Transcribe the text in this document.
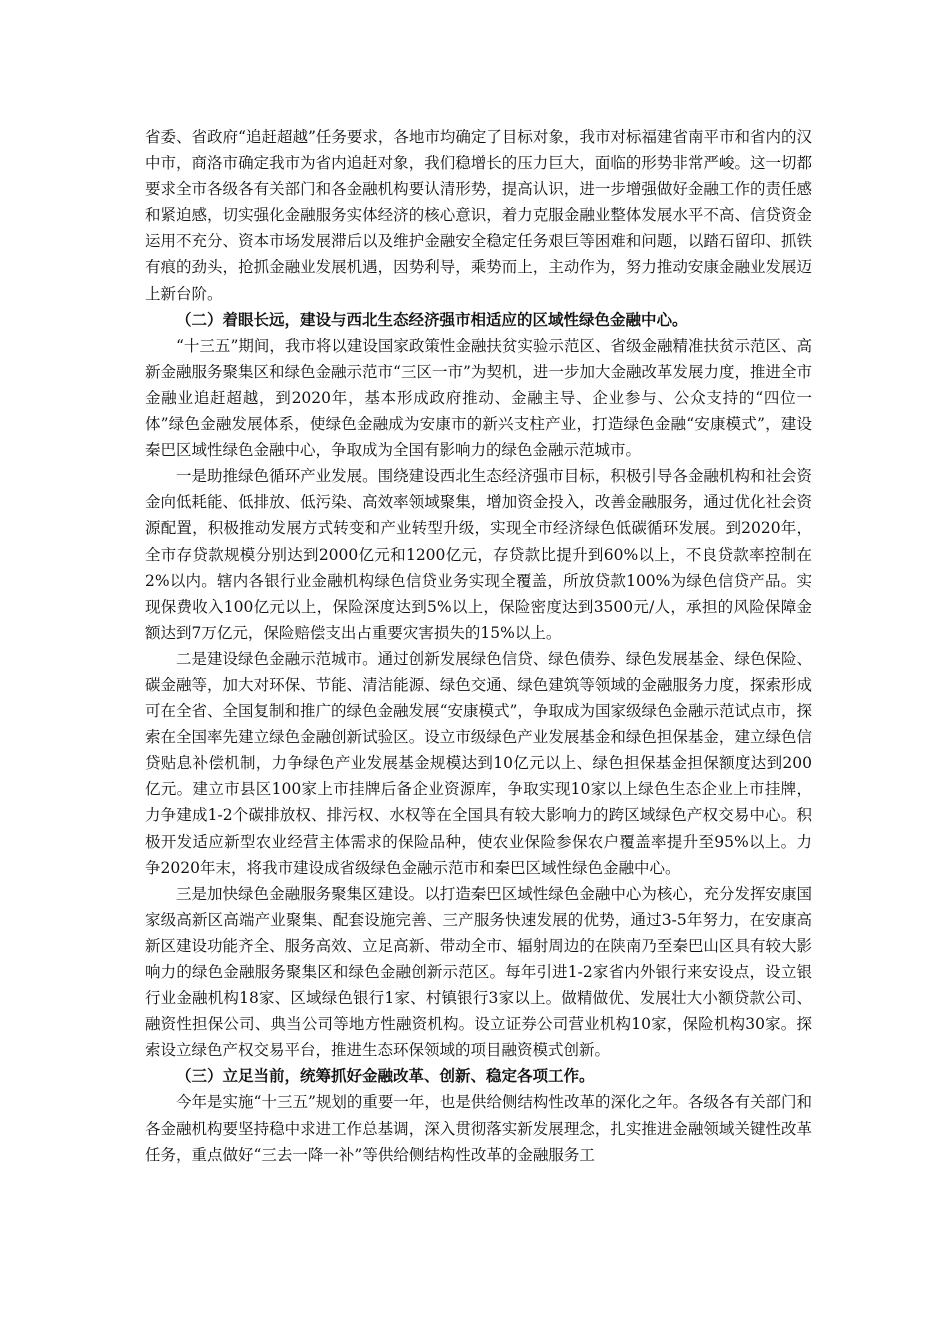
省委、省政府“追赶超越”任务要求，各地市均确定了目标对象，我市对标福建省南平市和省内的汉中市，商洛市确定我市为省内追赶对象，我们稳增长的压力巨大，面临的形势非常严峻。这一切都要求全市各级各有关部门和各金融机构要认清形势，提高认识，进一步增强做好金融工作的责任感和紧迫感，切实强化金融服务实体经济的核心意识，着力克服金融业整体发展水平不高、信贷资金运用不充分、资本市场发展滞后以及维护金融安全稳定任务艰巨等困难和问题，以踏石留印、抓铁有痕的劲头，抢抓金融业发展机遇，因势利导，乘势而上，主动作为，努力推动安康金融业发展迈上新台阶。

（二）着眼长远，建设与西北生态经济强市相适应的区域性绿色金融中心。

“十三五”期间，我市将以建设国家政策性金融扶贫实验示范区、省级金融精准扶贫示范区、高新金融服务聚集区和绿色金融示范市“三区一市”为契机，进一步加大金融改革发展力度，推进全市金融业追赶超越，到2020年，基本形成政府推动、金融主导、企业参与、公众支持的“四位一体”绿色金融发展体系，使绿色金融成为安康市的新兴支柱产业，打造绿色金融“安康模式”，建设秦巴区域性绿色金融中心，争取成为全国有影响力的绿色金融示范城市。

一是助推绿色循环产业发展。围绕建设西北生态经济强市目标，积极引导各金融机构和社会资金向低耗能、低排放、低污染、高效率领域聚集，增加资金投入，改善金融服务，通过优化社会资源配置，积极推动发展方式转变和产业转型升级，实现全市经济绿色低碳循环发展。到2020年，全市存贷款规模分别达到2000亿元和1200亿元，存贷款比提升到60%以上，不良贷款率控制在2%以内。辖内各银行业金融机构绿色信贷业务实现全覆盖，所放贷款100%为绿色信贷产品。实现保费收入100亿元以上，保险深度达到5%以上，保险密度达到3500元/人，承担的风险保障金额达到7万亿元，保险赔偿支出占重要灾害损失的15%以上。

二是建设绿色金融示范城市。通过创新发展绿色信贷、绿色债券、绿色发展基金、绿色保险、碳金融等，加大对环保、节能、清洁能源、绿色交通、绿色建筑等领域的金融服务力度，探索形成可在全省、全国复制和推广的绿色金融发展“安康模式”，争取成为国家级绿色金融示范试点市，探索在全国率先建立绿色金融创新试验区。设立市级绿色产业发展基金和绿色担保基金，建立绿色信贷贴息补偿机制，力争绿色产业发展基金规模达到10亿元以上、绿色担保基金担保额度达到200亿元。建立市县区100家上市挂牌后备企业资源库，争取实现10家以上绿色生态企业上市挂牌，力争建成1-2个碳排放权、排污权、水权等在全国具有较大影响力的跨区域绿色产权交易中心。积极开发适应新型农业经营主体需求的保险品种，使农业保险参保农户覆盖率提升至95%以上。力争2020年末，将我市建设成省级绿色金融示范市和秦巴区域性绿色金融中心。

三是加快绿色金融服务聚集区建设。以打造秦巴区域性绿色金融中心为核心，充分发挥安康国家级高新区高端产业聚集、配套设施完善、三产服务快速发展的优势，通过3-5年努力，在安康高新区建设功能齐全、服务高效、立足高新、带动全市、辐射周边的在陕南乃至秦巴山区具有较大影响力的绿色金融服务聚集区和绿色金融创新示范区。每年引进1-2家省内外银行来安设点，设立银行业金融机构18家、区域绿色银行1家、村镇银行3家以上。做精做优、发展壮大小额贷款公司、融资性担保公司、典当公司等地方性融资机构。设立证券公司营业机构10家，保险机构30家。探索设立绿色产权交易平台，推进生态环保领域的项目融资模式创新。

（三）立足当前，统筹抓好金融改革、创新、稳定各项工作。

今年是实施“十三五”规划的重要一年，也是供给侧结构性改革的深化之年。各级各有关部门和各金融机构要坚持稳中求进工作总基调，深入贯彻落实新发展理念，扎实推进金融领域关键性改革任务，重点做好“三去一降一补”等供给侧结构性改革的金融服务工
